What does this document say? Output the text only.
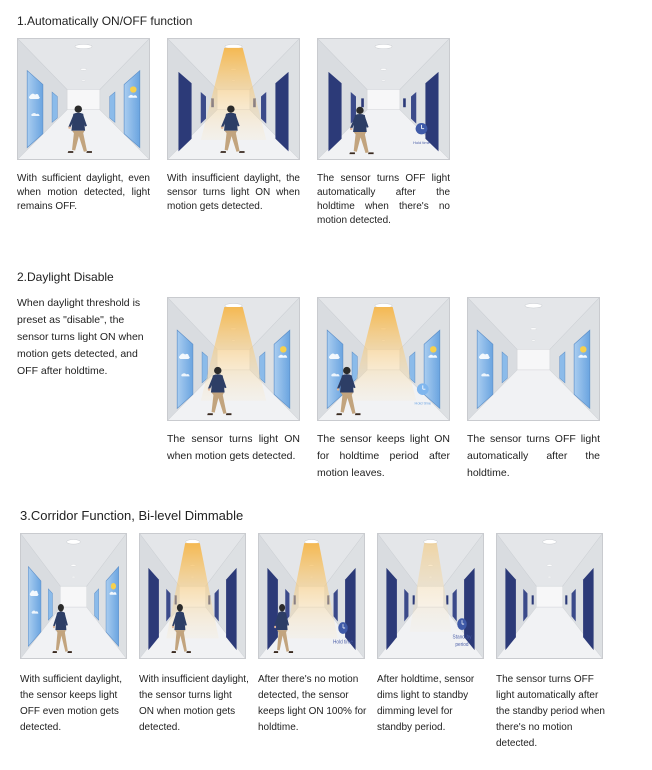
1.Automatically ON/OFF function
Hold time
With sufficient daylight, even when motion detected, light remains OFF.
With insufficient daylight, the sensor turns light ON when motion gets detected.
The sensor turns OFF light automatically after the holdtime when there's no motion detected.
2.Daylight Disable
When daylight threshold is preset as "disable", the sensor turns light ON when motion gets detected, and OFF after holdtime.
Hold time
The sensor turns light ON when motion gets detected.
The sensor keeps light ON for holdtime period after motion leaves.
The sensor turns OFF light automatically after the holdtime.
3.Corridor Function, Bi-level Dimmable
Hold time
Stand-by
period
With sufficient daylight, the sensor keeps light OFF even motion gets detected.
With insufficient daylight, the sensor turns light ON when motion gets detected.
After there's no motion detected, the sensor keeps light ON 100% for holdtime.
After holdtime, sensor dims light to standby dimming level for standby period.
The sensor turns OFF light automatically after the standby period when there's no motion detected.
